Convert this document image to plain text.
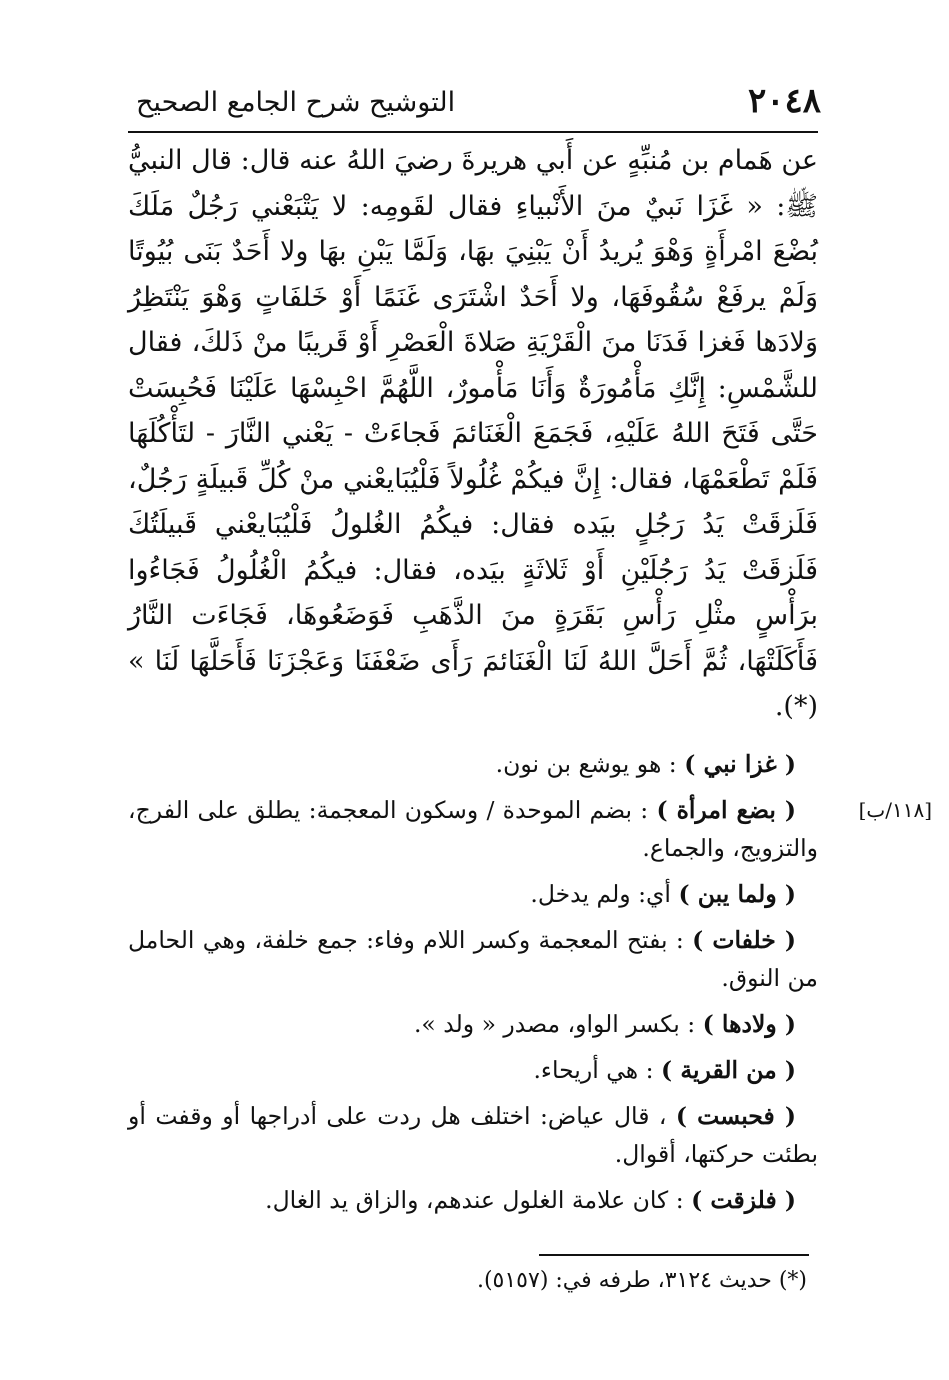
٢٠٤٨
التوشيح شرح الجامع الصحيح
عن هَمام بن مُنبِّهٍ عن أَبي هريرةَ رضيَ اللهُ عنه قال: قال النبيُّ ﷺ: « غَزَا نَبيٌ منَ الأَنْبياءِ فقال لقَومِه: لا يَتْبَعْني رَجُلٌ مَلَكَ بُضْعَ امْرأَةٍ وَهْوَ يُريدُ أَنْ يَبْنِيَ بهَا، وَلَمَّا يَبْنِ بهَا ولا أَحَدٌ بَنَى بُيُوتًا وَلَمْ يرفَعْ سُقُوفَهَا، ولا أَحَدٌ اشْتَرَى غَنَمًا أَوْ خَلفَاتٍ وَهْوَ يَنْتَظِرُ وَلادَها فَغزا فَدَنَا منَ الْقَرْيَةِ صَلاةَ الْعَصْرِ أَوْ قَريبًا منْ ذَلكَ، فقال للشَّمْسِ: إِنَّكِ مَأْمُورَةٌ وَأَنَا مَأْمورٌ، اللَّهُمَّ احْبِسْهَا عَلَيْنَا فَحُبِسَتْ حَتَّى فَتَحَ اللهُ عَلَيْهِ، فَجَمَعَ الْغَنَائمَ فَجاءَتْ - يَعْني النَّارَ - لتَأْكُلَهَا فَلَمْ تَطْعَمْهَا، فقال: إِنَّ فيكُمْ غُلُولاً فَلْيُبَايعْني منْ كُلِّ قَبيلَةٍ رَجُلٌ، فَلَزقَتْ يَدُ رَجُلٍ بيَده فقال: فيكُمُ الغُلولُ فَلْيُبَايعْني قَبيلَتُكَ فَلَزقَتْ يَدُ رَجُلَيْنِ أَوْ ثَلاثَةٍ بيَده، فقال: فيكُمُ الْغُلُولُ فَجَاءُوا برَأْسٍ مثْلِ رَأْسِ بَقَرَةٍ منَ الذَّهَبِ فَوَضَعُوهَا، فَجَاءَت النَّارُ فَأَكَلَتْهَا، ثُمَّ أَحَلَّ اللهُ لَنَا الْغَنَائمَ رَأَى ضَعْفَنَا وَعَجْزَنَا فَأَحَلَّهَا لَنَا » (*).
[١١٨/ب]

( غزا نبي ) : هو يوشع بن نون.

( بضع امرأة ) : بضم الموحدة / وسكون المعجمة: يطلق على الفرج، والتزويج، والجماع.

( ولما يبن ) أي: ولم يدخل.

( خلفات ) : بفتح المعجمة وكسر اللام وفاء: جمع خلفة، وهي الحامل من النوق.

( ولادها ) : بكسر الواو، مصدر « ولد ».

( من القرية ) : هي أريحاء.

( فحبست ) ، قال عياض: اختلف هل ردت على أدراجها أو وقفت أو بطئت حركتها، أقوال.

( فلزقت ) : كان علامة الغلول عندهم، والزاق يد الغال.

(*) حديث ٣١٢٤، طرفه في: (٥١٥٧).
